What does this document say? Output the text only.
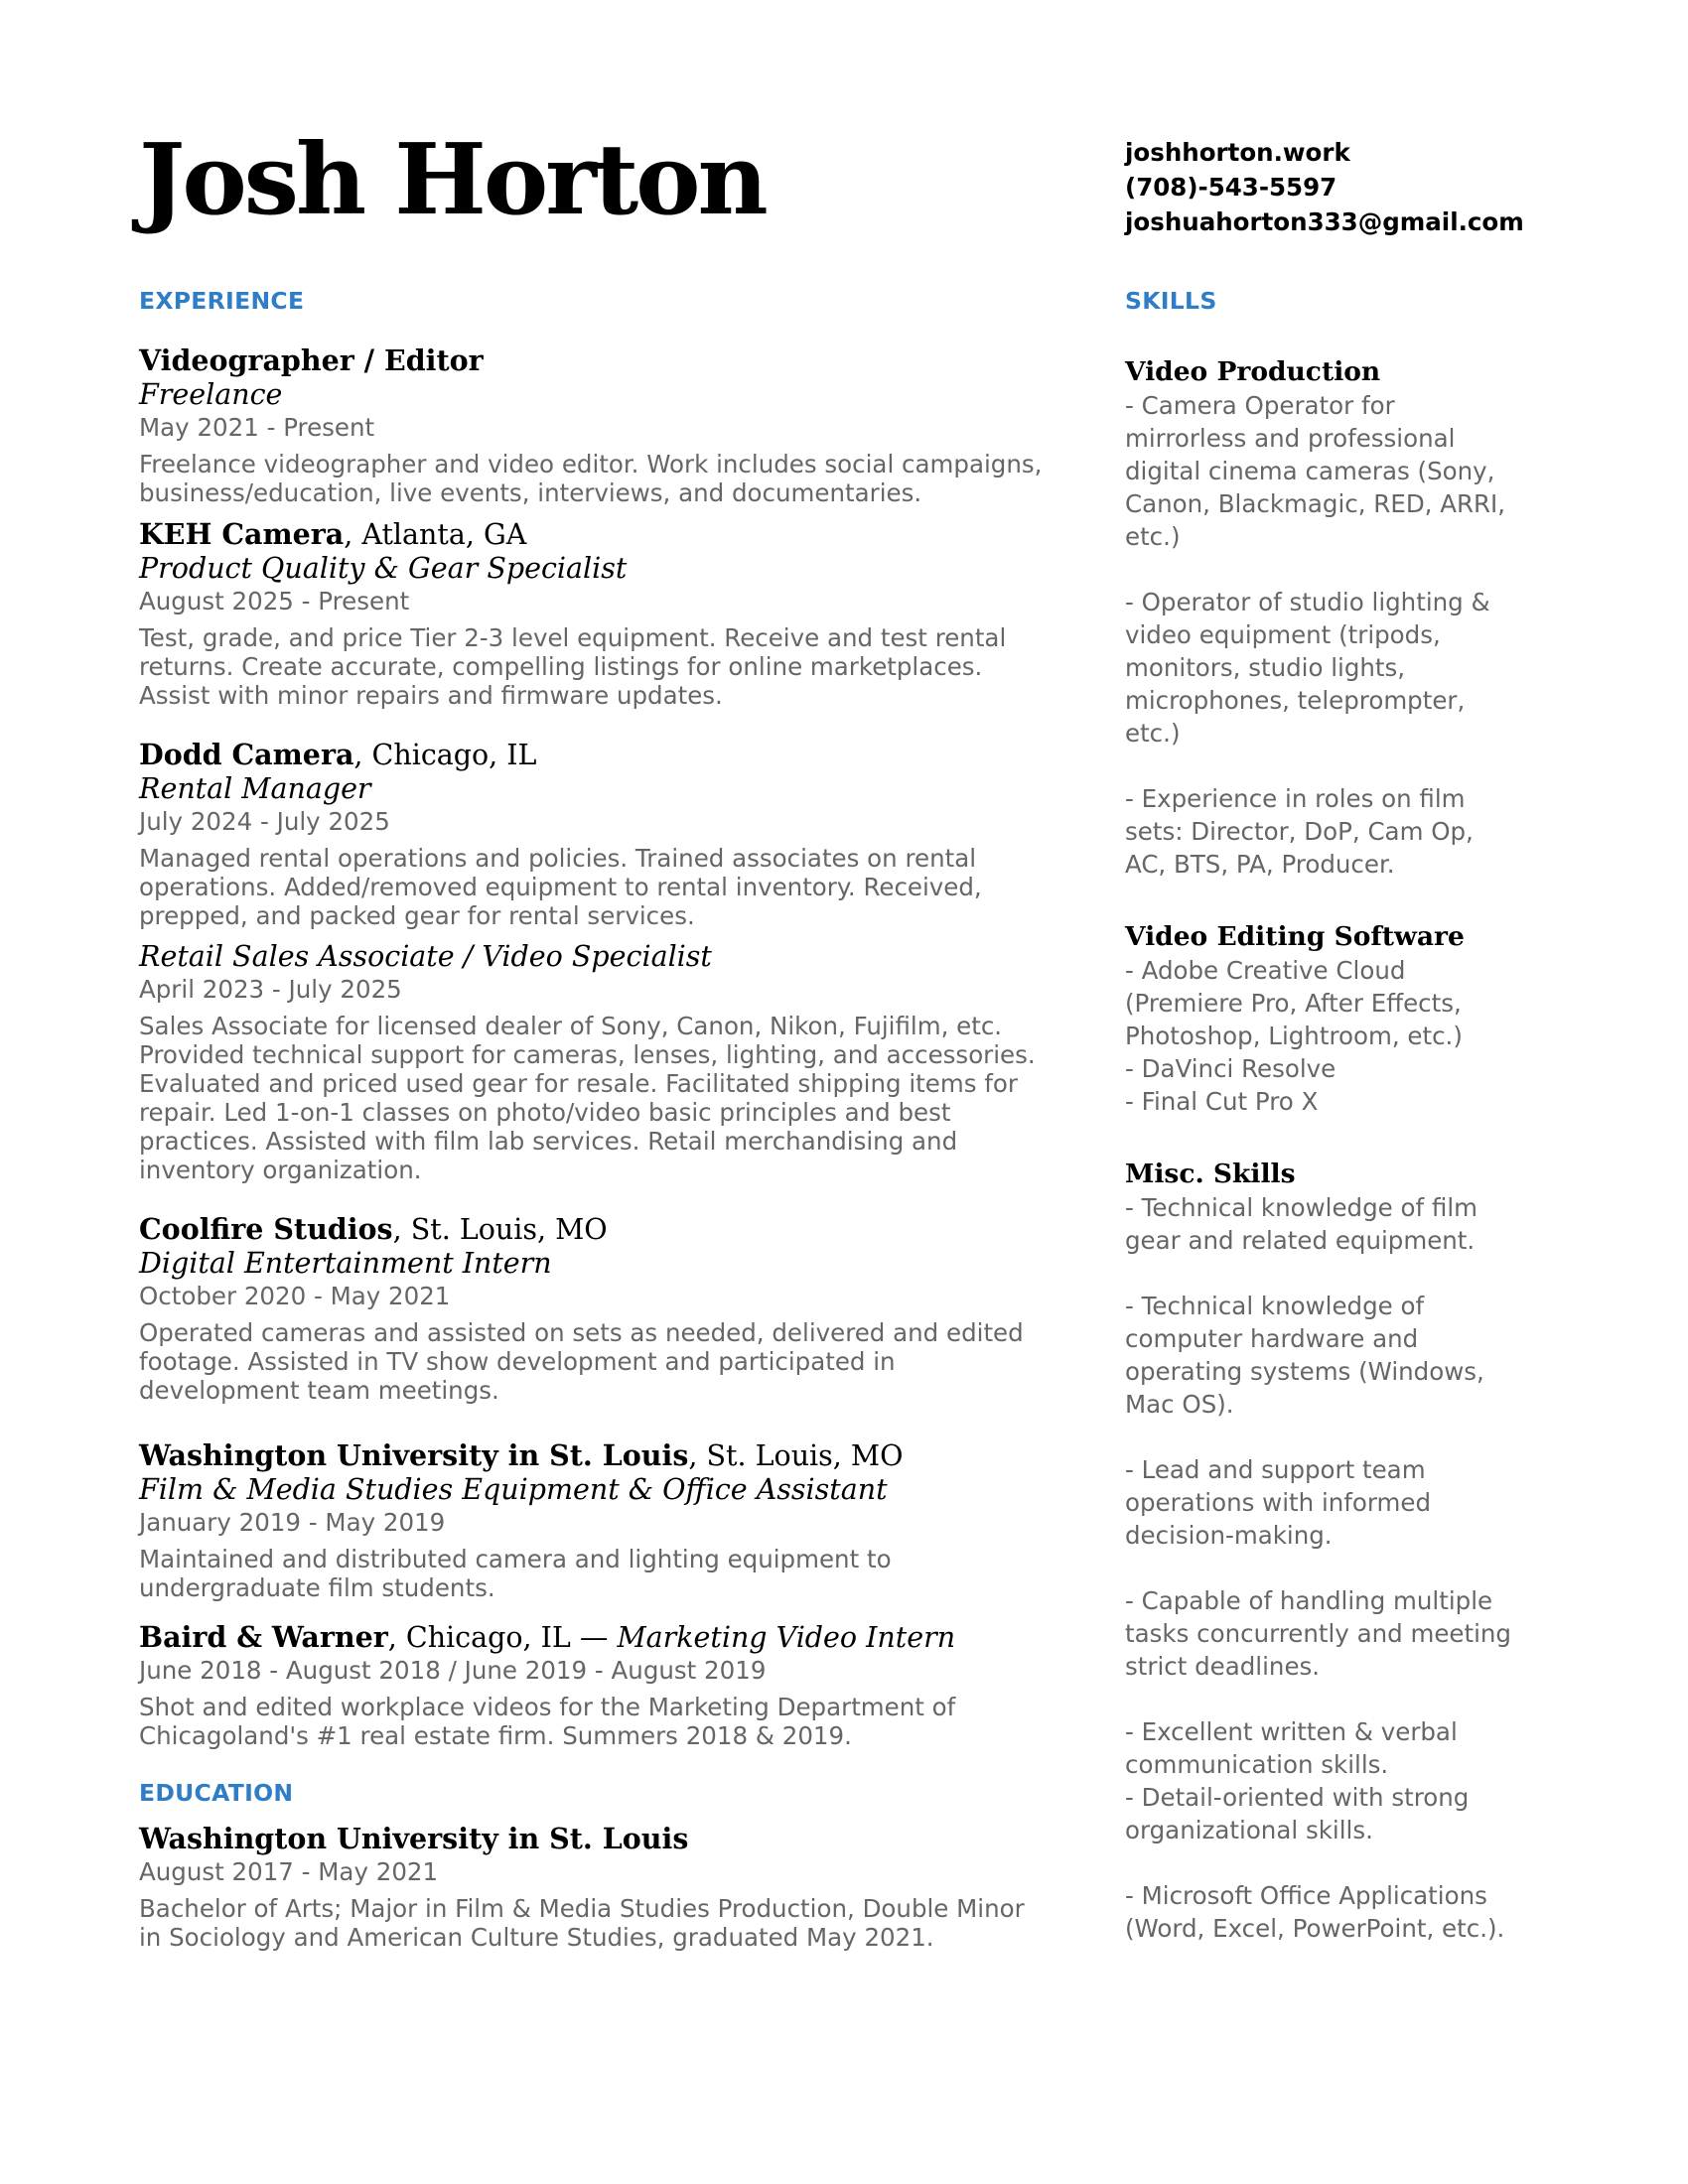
Josh Horton	joshhorton.work
(708)-543-5597
joshuahorton333@gmail.com
EXPERIENCE
Videographer / Editor
Freelance
May 2021 - Present
Freelance videographer and video editor. Work includes social campaigns, business/education, live events, interviews, and documentaries.
KEH Camera, Atlanta, GA
Product Quality & Gear Specialist
August 2025 - Present
Test, grade, and price Tier 2-3 level equipment. Receive and test rental returns. Create accurate, compelling listings for online marketplaces. Assist with minor repairs and firmware updates.
Dodd Camera, Chicago, IL
Rental Manager
July 2024 - July 2025
Managed rental operations and policies. Trained associates on rental operations. Added/removed equipment to rental inventory. Received, prepped, and packed gear for rental services.
Retail Sales Associate / Video Specialist
April 2023 - July 2025
Sales Associate for licensed dealer of Sony, Canon, Nikon, Fujifilm, etc. Provided technical support for cameras, lenses, lighting, and accessories. Evaluated and priced used gear for resale. Facilitated shipping items for repair. Led 1-on-1 classes on photo/video basic principles and best practices. Assisted with film lab services. Retail merchandising and inventory organization.
Coolfire Studios, St. Louis, MO
Digital Entertainment Intern
October 2020 - May 2021
Operated cameras and assisted on sets as needed, delivered and edited footage. Assisted in TV show development and participated in development team meetings.
Washington University in St. Louis, St. Louis, MO
Film & Media Studies Equipment & Office Assistant
January 2019 - May 2019
Maintained and distributed camera and lighting equipment to undergraduate film students.
Baird & Warner, Chicago, IL — Marketing Video Intern
June 2018 - August 2018 / June 2019 - August 2019
Shot and edited workplace videos for the Marketing Department of Chicagoland's #1 real estate firm. Summers 2018 & 2019.
EDUCATION
Washington University in St. Louis
August 2017 - May 2021
Bachelor of Arts; Major in Film & Media Studies Production, Double Minor in Sociology and American Culture Studies, graduated May 2021.
SKILLS
Video Production
- Camera Operator for
mirrorless and professional
digital cinema cameras (Sony,
Canon, Blackmagic, RED, ARRI,
etc.)
- Operator of studio lighting &
video equipment (tripods,
monitors, studio lights,
microphones, teleprompter,
etc.)
- Experience in roles on film
sets: Director, DoP, Cam Op,
AC, BTS, PA, Producer.
Video Editing Software
- Adobe Creative Cloud
(Premiere Pro, After Effects,
Photoshop, Lightroom, etc.)
- DaVinci Resolve
- Final Cut Pro X
Misc. Skills
- Technical knowledge of film
gear and related equipment.
- Technical knowledge of
computer hardware and
operating systems (Windows,
Mac OS).
- Lead and support team
operations with informed
decision-making.
- Capable of handling multiple
tasks concurrently and meeting
strict deadlines.
- Excellent written & verbal
communication skills.
- Detail-oriented with strong
organizational skills.
- Microsoft Office Applications
(Word, Excel, PowerPoint, etc.).
